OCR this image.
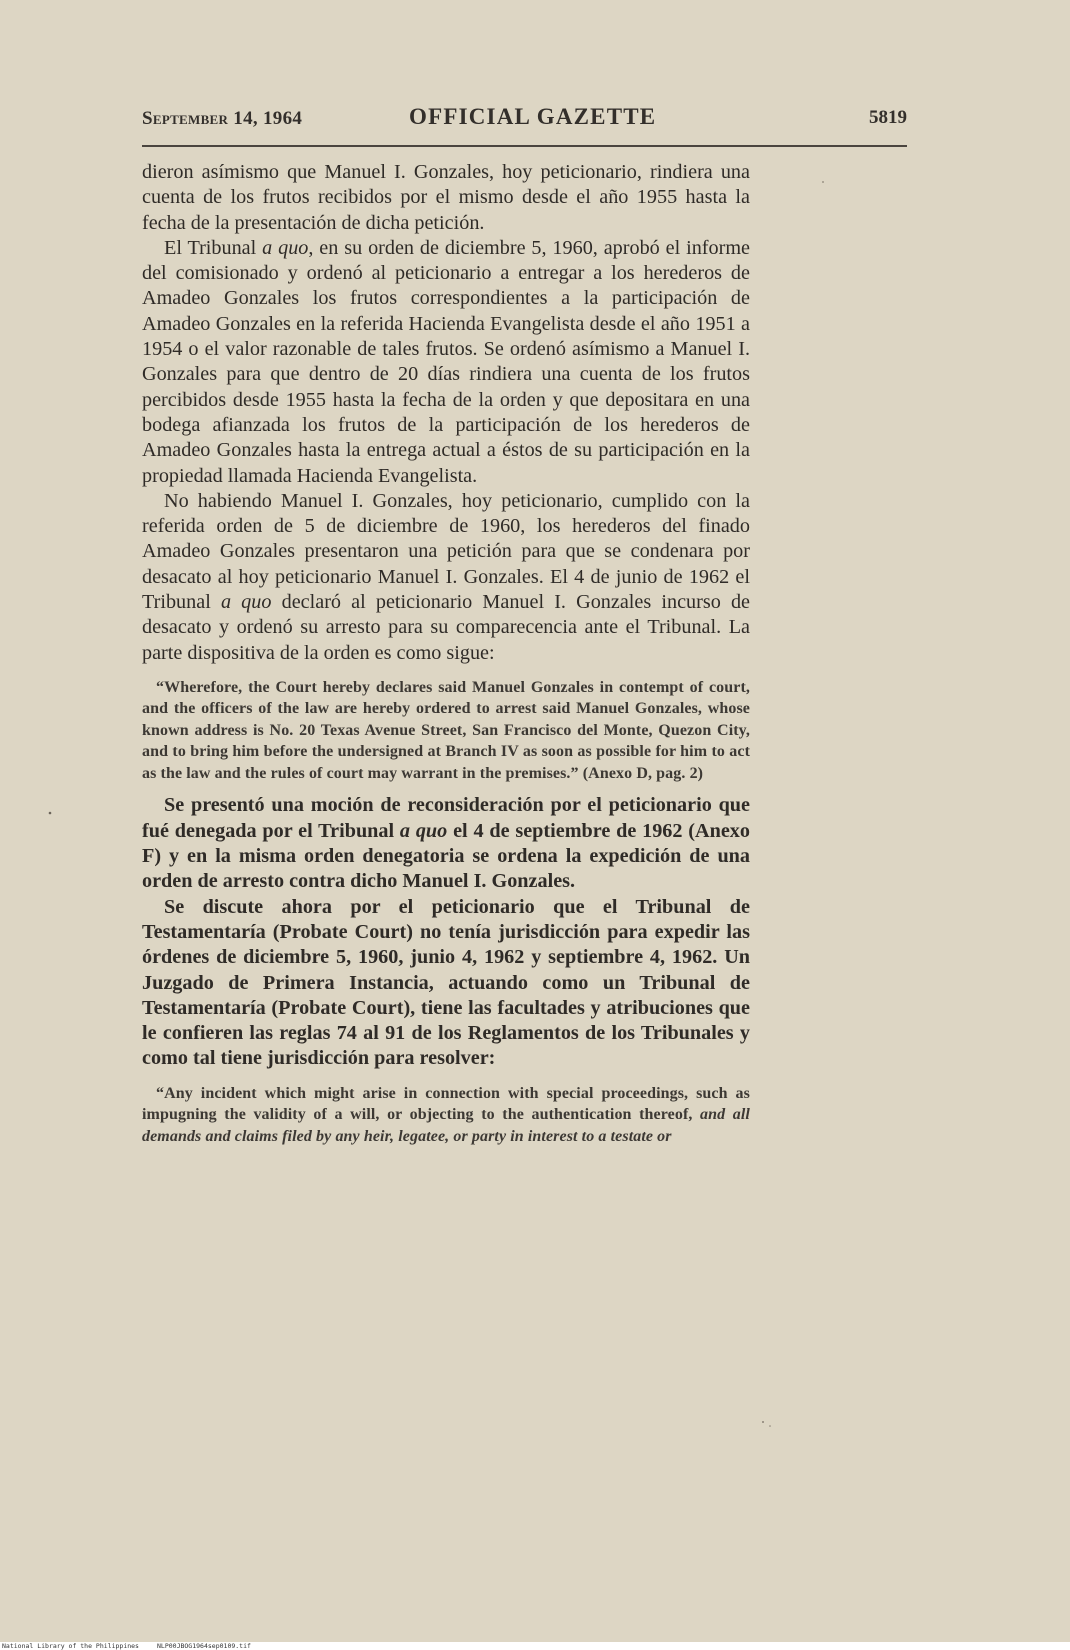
September 14, 1964	OFFICIAL GAZETTE	5819

dieron asímismo que Manuel I. Gonzales, hoy peticionario, rindiera una cuenta de los frutos recibidos por el mismo desde el año 1955 hasta la fecha de la presentación de dicha petición.

El Tribunal a quo, en su orden de diciembre 5, 1960, aprobó el informe del comisionado y ordenó al peticionario a entregar a los herederos de Amadeo Gonzales los frutos correspondientes a la participación de Amadeo Gonzales en la referida Hacienda Evangelista desde el año 1951 a 1954 o el valor razonable de tales frutos. Se ordenó asímismo a Manuel I. Gonzales para que dentro de 20 días rindiera una cuenta de los frutos percibidos desde 1955 hasta la fecha de la orden y que depositara en una bodega afianzada los frutos de la participación de los herederos de Amadeo Gonzales hasta la entrega actual a éstos de su participación en la propiedad llamada Hacienda Evangelista.

No habiendo Manuel I. Gonzales, hoy peticionario, cumplido con la referida orden de 5 de diciembre de 1960, los herederos del finado Amadeo Gonzales presentaron una petición para que se condenara por desacato al hoy peticionario Manuel I. Gonzales. El 4 de junio de 1962 el Tribunal a quo declaró al peticionario Manuel I. Gonzales incurso de desacato y ordenó su arresto para su comparecencia ante el Tribunal. La parte dispositiva de la orden es como sigue:

“Wherefore, the Court hereby declares said Manuel Gonzales in contempt of court, and the officers of the law are hereby ordered to arrest said Manuel Gonzales, whose known address is No. 20 Texas Avenue Street, San Francisco del Monte, Quezon City, and to bring him before the undersigned at Branch IV as soon as possible for him to act as the law and the rules of court may warrant in the premises.” (Anexo D, pag. 2)

Se presentó una moción de reconsideración por el peticionario que fué denegada por el Tribunal a quo el 4 de septiembre de 1962 (Anexo F) y en la misma orden denegatoria se ordena la expedición de una orden de arresto contra dicho Manuel I. Gonzales.

Se discute ahora por el peticionario que el Tribunal de Testamentaría (Probate Court) no tenía jurisdicción para expedir las órdenes de diciembre 5, 1960, junio 4, 1962 y septiembre 4, 1962. Un Juzgado de Primera Instancia, actuando como un Tribunal de Testamentaría (Probate Court), tiene las facultades y atribuciones que le confieren las reglas 74 al 91 de los Reglamentos de los Tribunales y como tal tiene jurisdicción para resolver:

“Any incident which might arise in connection with special proceedings, such as impugning the validity of a will, or objecting to the authentication thereof, and all demands and claims filed by any heir, legatee, or party in interest to a testate or

National Library of the Philippines	NLP00JBOG1964sep0109.tif
